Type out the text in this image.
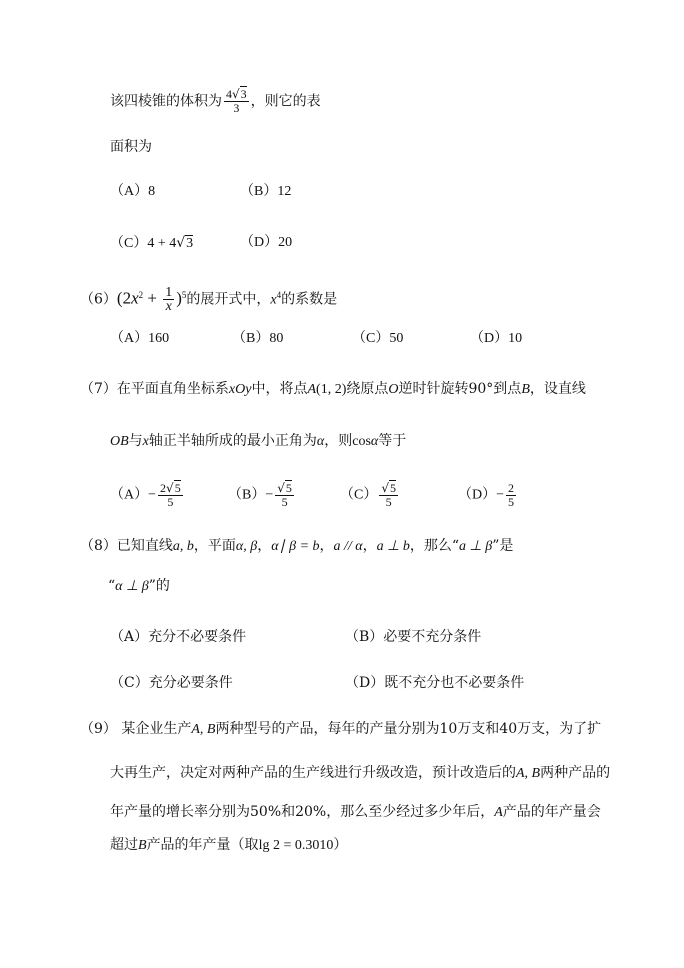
该四棱锥的体积为 $\frac{4√3}{3}$ ，则它的表
面积为
（A）8	（B）12
（C）4 + 4√3	（D）20
$(6)(2x^2 + \frac{1}{x} )^5$的展开式中，$x^4$的系数是
（A）160	（B）80	（C）50	（D）10
（7）在平面直角坐标系xOy中，将点A(1, 2)绕原点O逆时针旋转90°到点B，设直线
OB与x轴正半轴所成的最小正角为α，则cosα等于
$(A)- \frac{2√5}{5}$	$(B)- \frac{√5}{5}$	$(C) \frac{√5}{5}$	$(D)- \frac{2}{5}$
（8）已知直线a, b，平面α, β，α∣ β = b，a // α，a ⊥ b，那么“a ⊥ β”是
“α ⊥ β”的
（A）充分不必要条件	（B）必要不充分条件
（C）充分必要条件	（D）既不充分也不必要条件
（9） 某企业生产A, B两种型号的产品，每年的产量分别为10万支和40万支，为了扩
大再生产，决定对两种产品的生产线进行升级改造，预计改造后的A, B两种产品的
年产量的增长率分别为50%和20%，那么至少经过多少年后，A产品的年产量会
超过B产品的年产量（取lg 2 = 0.3010）
